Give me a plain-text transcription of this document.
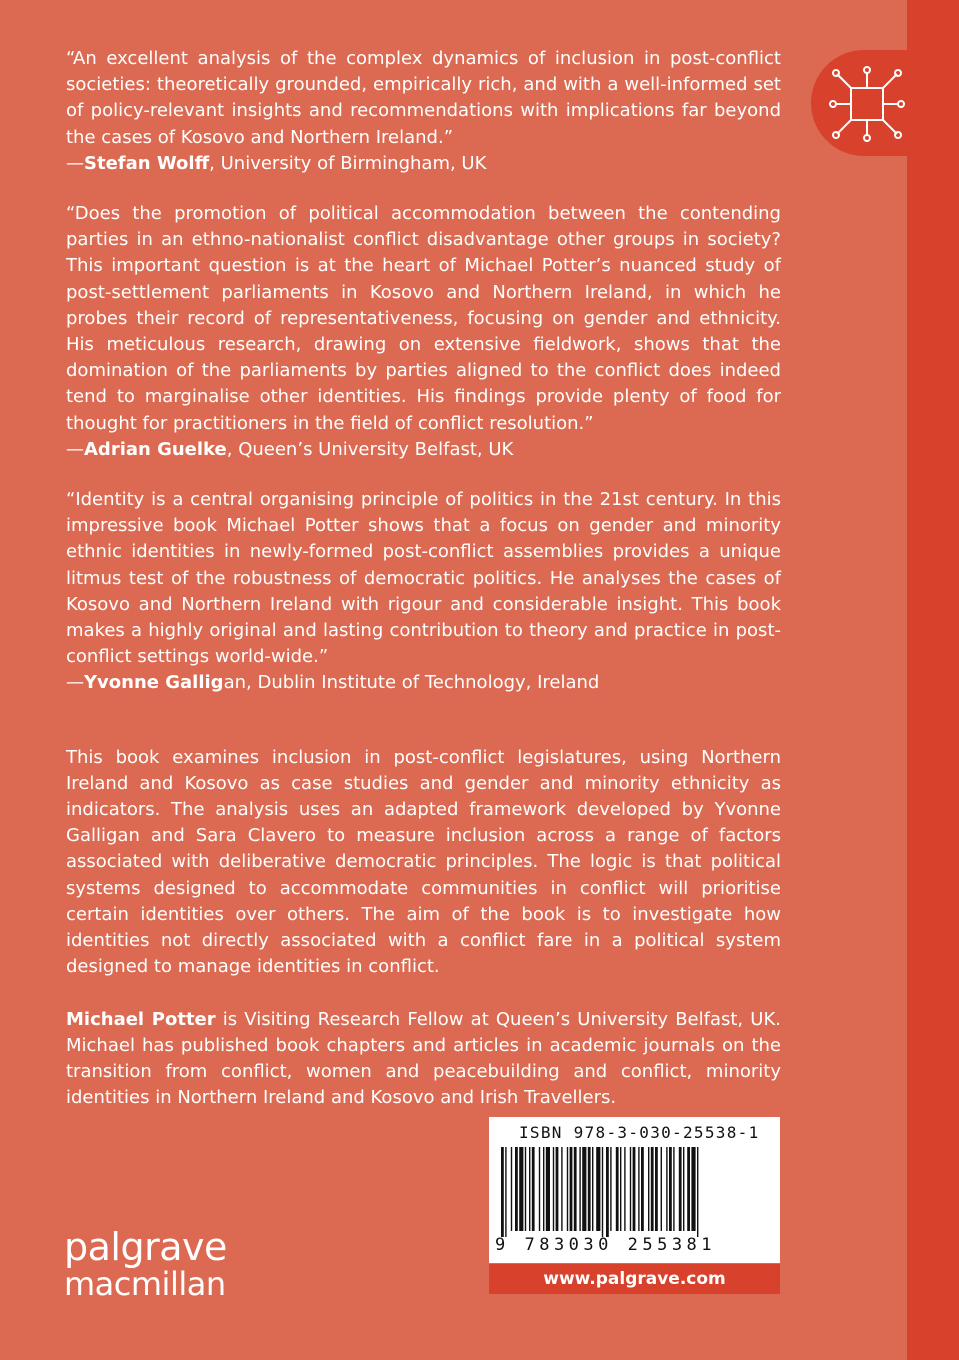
“An excellent analysis of the complex dynamics of inclusion in post-conflict societies: theoretically grounded, empirically rich, and with a well-informed set of policy-relevant insights and recommendations with implications far beyond the cases of Kosovo and Northern Ireland.”

—Stefan Wolff, University of Birmingham, UK

“Does the promotion of political accommodation between the contending parties in an ethno-nationalist conflict disadvantage other groups in society? This important question is at the heart of Michael Potter’s nuanced study of post-settlement parliaments in Kosovo and Northern Ireland, in which he probes their record of representativeness, focusing on gender and ethnicity. His meticulous research, drawing on extensive fieldwork, shows that the domination of the parliaments by parties aligned to the conflict does indeed tend to marginalise other identities. His findings provide plenty of food for thought for practitioners in the field of conflict resolution.”

—Adrian Guelke, Queen’s University Belfast, UK

“Identity is a central organising principle of politics in the 21st century. In this impressive book Michael Potter shows that a focus on gender and minority ethnic identities in newly-formed post-conflict assemblies provides a unique litmus test of the robustness of democratic politics. He analyses the cases of Kosovo and Northern Ireland with rigour and considerable insight. This book makes a highly original and lasting contribution to theory and practice in post-conflict settings world-wide.”

—Yvonne Galligan, Dublin Institute of Technology, Ireland

This book examines inclusion in post-conflict legislatures, using Northern Ireland and Kosovo as case studies and gender and minority ethnicity as indicators. The analysis uses an adapted framework developed by Yvonne Galligan and Sara Clavero to measure inclusion across a range of factors associated with deliberative democratic principles. The logic is that political systems designed to accommodate communities in conflict will prioritise certain identities over others. The aim of the book is to investigate how identities not directly associated with a conflict fare in a political system designed to manage identities in conflict.

Michael Potter is Visiting Research Fellow at Queen’s University Belfast, UK. Michael has published book chapters and articles in academic journals on the transition from conflict, women and peacebuilding and conflict, minority identities in Northern Ireland and Kosovo and Irish Travellers.

ISBN 978-3-030-25538-1
9 783030 255381
www.palgrave.com
palgrave
macmillan
